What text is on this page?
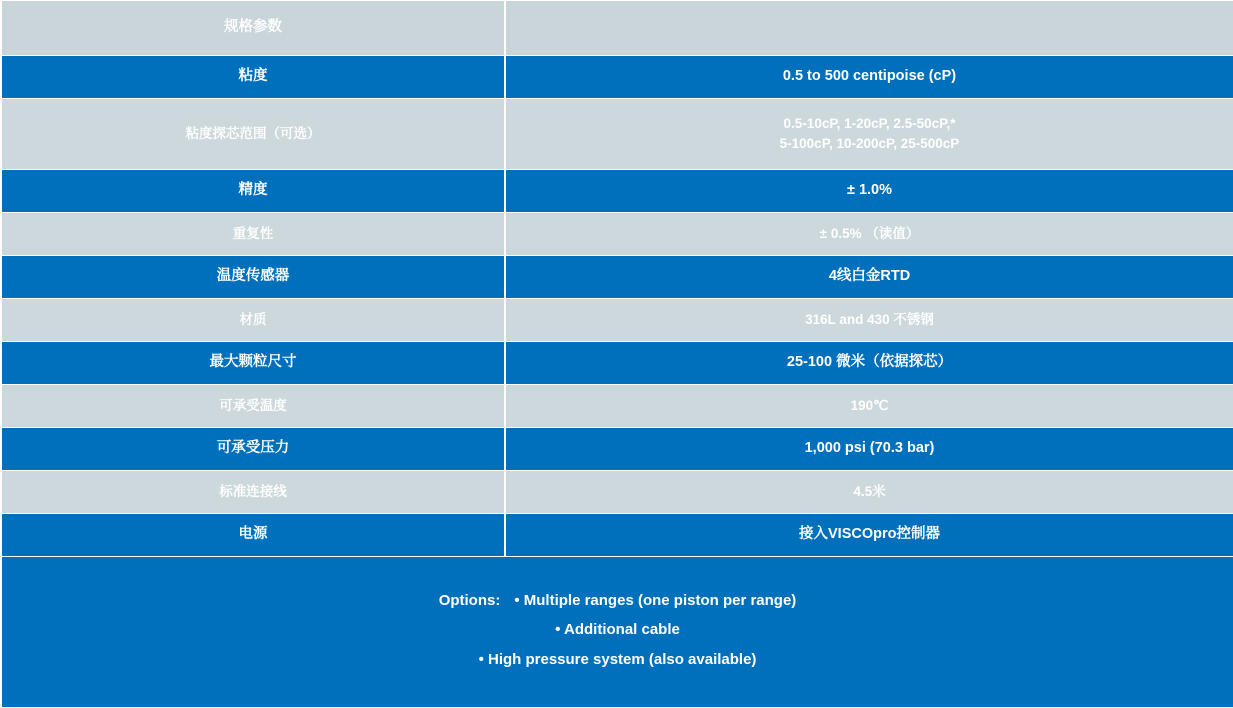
规格参数	
粘度	0.5 to 500 centipoise (cP)
粘度探芯范围（可选）	0.5-10cP, 1-20cP, 2.5-50cP,*
5-100cP, 10-200cP, 25-500cP

精度	± 1.0%
重复性	± 0.5% （读值）
温度传感器	4线白金RTD
材质	316L and 430 不锈钢
最大颗粒尺寸	25-100 微米（依据探芯）
可承受温度	190℃
可承受压力	1,000 psi (70.3 bar)
标准连接线	4.5米
电源	接入VISCOpro控制器

Options: • Multiple ranges (one piston per range)
• Additional cable
• High pressure system (also available)	
